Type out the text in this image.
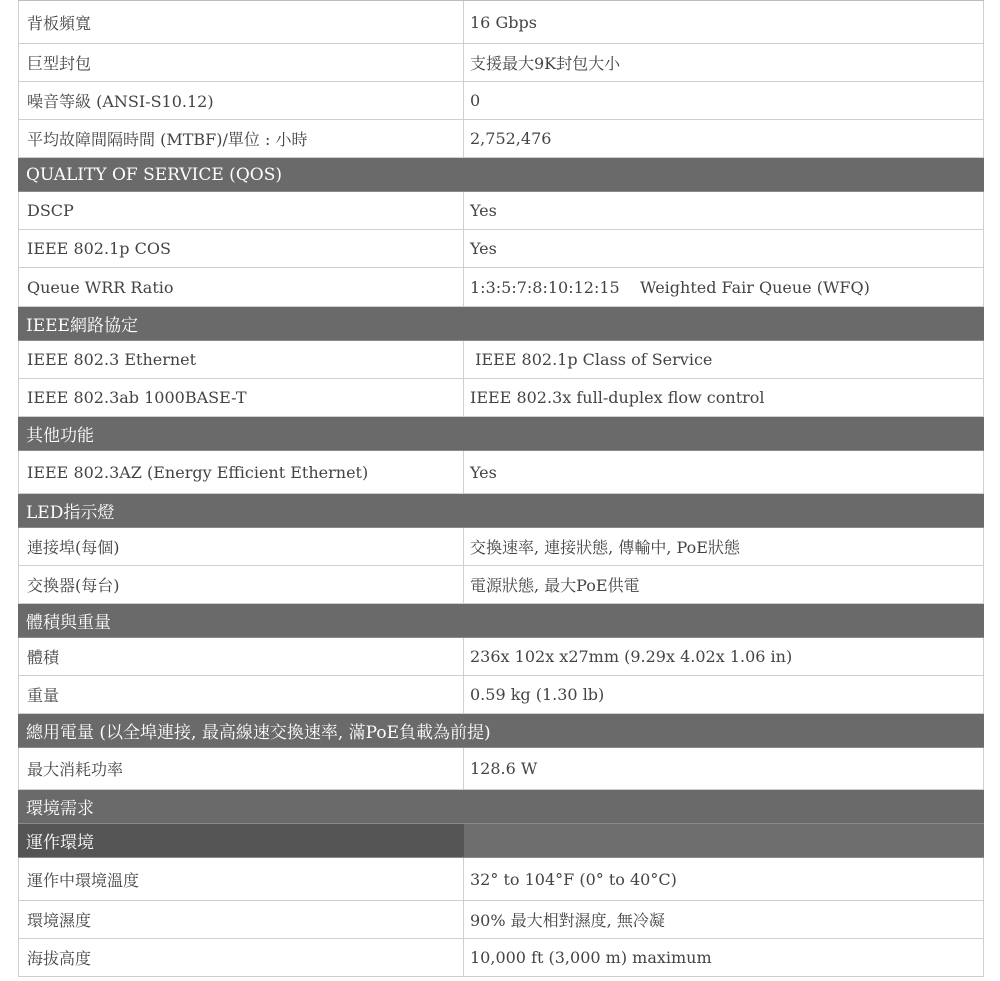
背板頻寬	16 Gbps
巨型封包	支援最大9K封包大小
噪音等級 (ANSI-S10.12)	0
平均故障間隔時間 (MTBF)/單位 : 小時	2,752,476
QUALITY OF SERVICE (QOS)
DSCP	Yes
IEEE 802.1p COS	Yes
Queue WRR Ratio	1:3:5:7:8:10:12:15    Weighted Fair Queue (WFQ)
IEEE網路協定
IEEE 802.3 Ethernet	IEEE 802.1p Class of Service
IEEE 802.3ab 1000BASE-T	IEEE 802.3x full-duplex flow control
其他功能
IEEE 802.3AZ (Energy Efficient Ethernet)	Yes
LED指示燈
連接埠(每個)	交換速率, 連接狀態, 傳輸中, PoE狀態
交換器(每台)	電源狀態, 最大PoE供電
體積與重量
體積	236x 102x x27mm (9.29x 4.02x 1.06 in)
重量	0.59 kg (1.30 lb)
總用電量 (以全埠連接, 最高線速交換速率, 滿PoE負載為前提)
最大消耗功率	128.6 W
環境需求
運作環境
運作中環境溫度	32° to 104°F (0° to 40°C)
環境濕度	90% 最大相對濕度, 無冷凝
海拔高度	10,000 ft (3,000 m) maximum
